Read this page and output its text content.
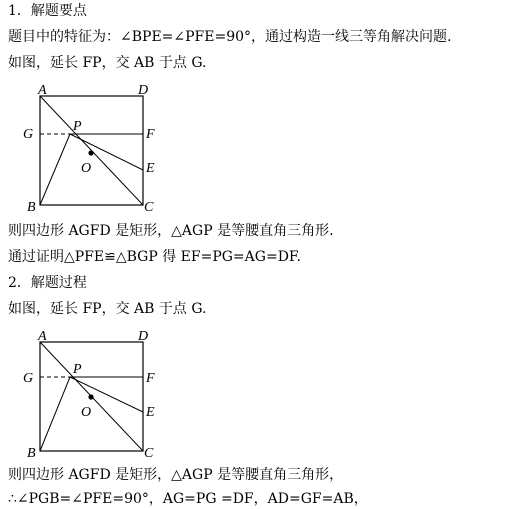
1．解题要点
题目中的特征为：∠BPE=∠PFE=90°，通过构造一线三等角解决问题.
如图，延长 FP，交 AB 于点 G.
A	D
G
P
F
O	E
B	C
则四边形 AGFD 是矩形，△AGP 是等腰直角三角形.
通过证明△PFE≌△BGP 得 EF=PG=AG=DF.
2．解题过程
如图，延长 FP，交 AB 于点 G.
A	D
G
P
F
O	E
B	C
则四边形 AGFD 是矩形，△AGP 是等腰直角三角形，
∴∠PGB=∠PFE=90°，AG=PG =DF，AD=GF=AB，
